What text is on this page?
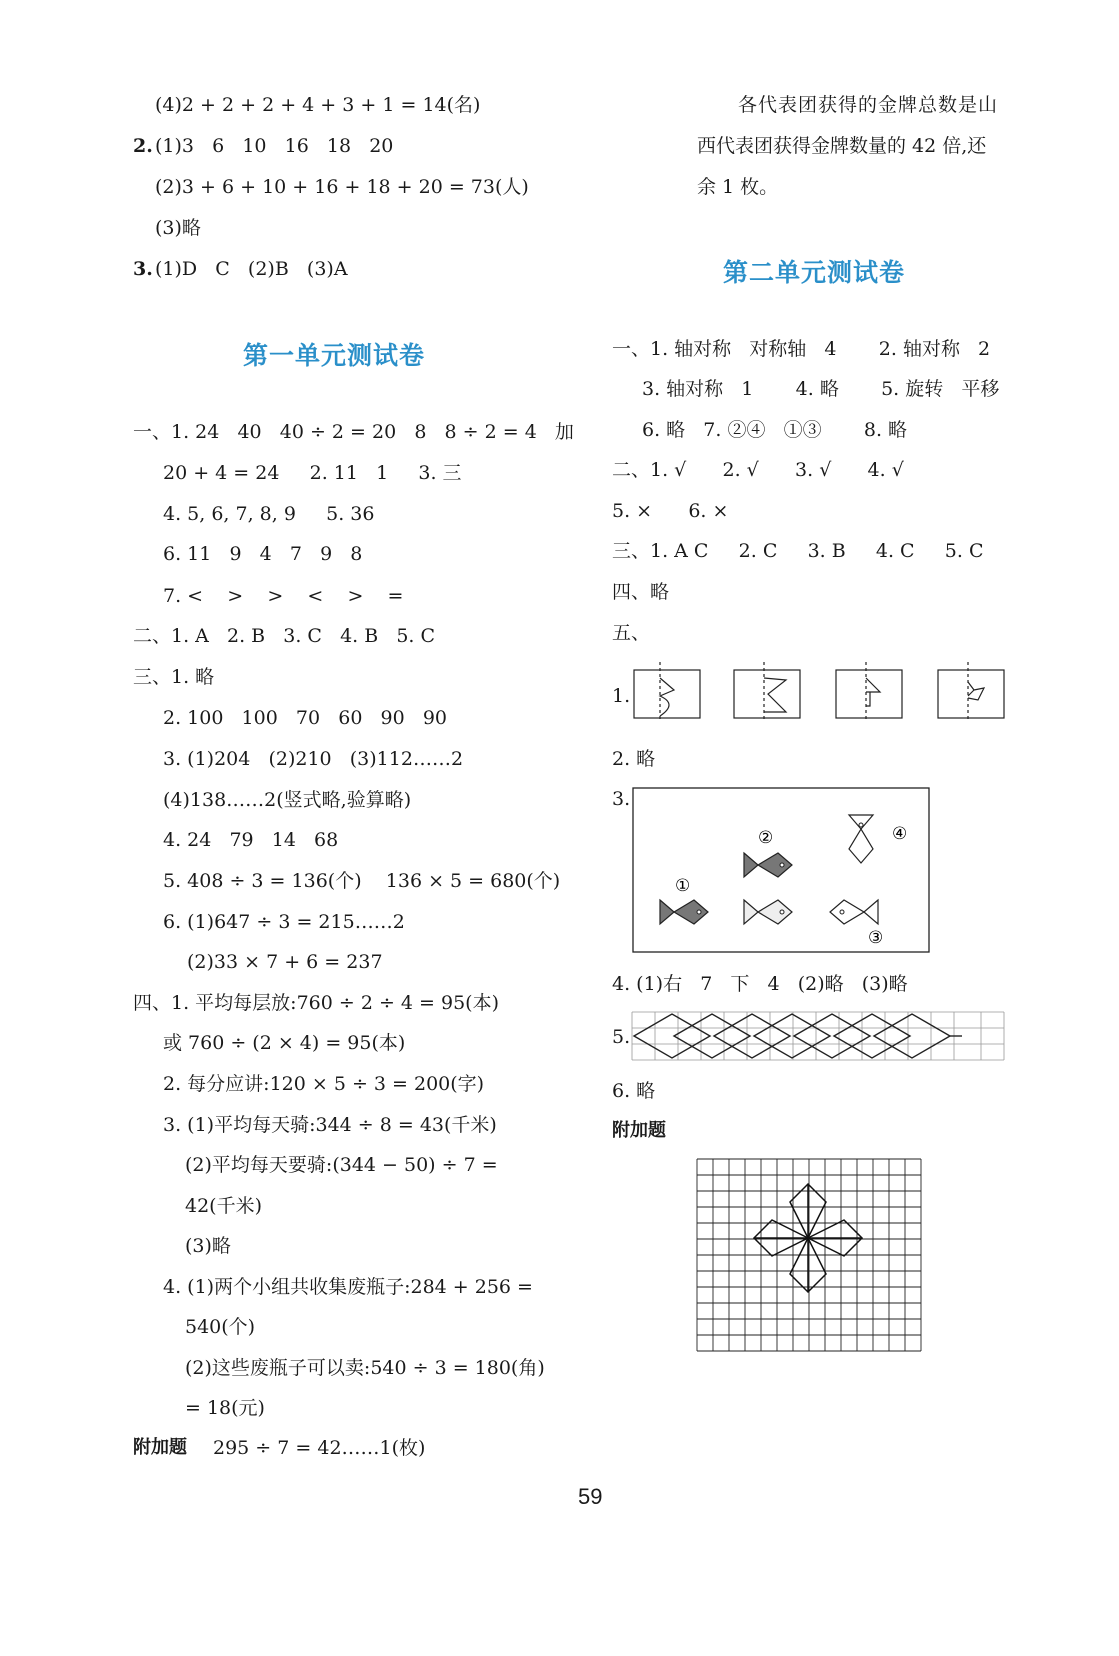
(4)2 + 2 + 2 + 4 + 3 + 1 = 14(名)
2. (1)3   6   10   16   18   20
(2)3 + 6 + 10 + 16 + 18 + 20 = 73(人)
(3)略
3. (1)D   C   (2)B   (3)A
第一单元测试卷
一、1. 24   40   40 ÷ 2 = 20   8   8 ÷ 2 = 4   加
20 + 4 = 24     2. 11   1     3. 三
4. 5, 6, 7, 8, 9     5. 36
6. 11   9   4   7   9   8
7. <    >    >    <    >    =
二、1. A   2. B   3. C   4. B   5. C
三、1. 略
2. 100   100   70   60   90   90
3. (1)204   (2)210   (3)112……2
(4)138……2(竖式略,验算略)
4. 24   79   14   68
5. 408 ÷ 3 = 136(个)    136 × 5 = 680(个)
6. (1)647 ÷ 3 = 215……2
(2)33 × 7 + 6 = 237
四、1. 平均每层放:760 ÷ 2 ÷ 4 = 95(本)
或 760 ÷ (2 × 4) = 95(本)
2. 每分应讲:120 × 5 ÷ 3 = 200(字)
3. (1)平均每天骑:344 ÷ 8 = 43(千米)
(2)平均每天要骑:(344 − 50) ÷ 7 =
42(千米)
(3)略
4. (1)两个小组共收集废瓶子:284 + 256 =
540(个)
(2)这些废瓶子可以卖:540 ÷ 3 = 180(角)
= 18(元)
附加题 295 ÷ 7 = 42……1(枚)
各代表团获得的金牌总数是山
西代表团获得金牌数量的 42 倍,还
余 1 枚。
第二单元测试卷
一、1. 轴对称   对称轴   4       2. 轴对称   2
3. 轴对称   1       4. 略       5. 旋转   平移
6. 略   7. ②④   ①③       8. 略
二、1. √      2. √      3. √      4. √
5. ×      6. ×
三、1. A C     2. C     3. B     4. C     5. C
四、略
五、
1.
2. 略
3.
4. (1)右   7   下   4   (2)略   (3)略
5.
6. 略
附加题
①
②
③
④
59
